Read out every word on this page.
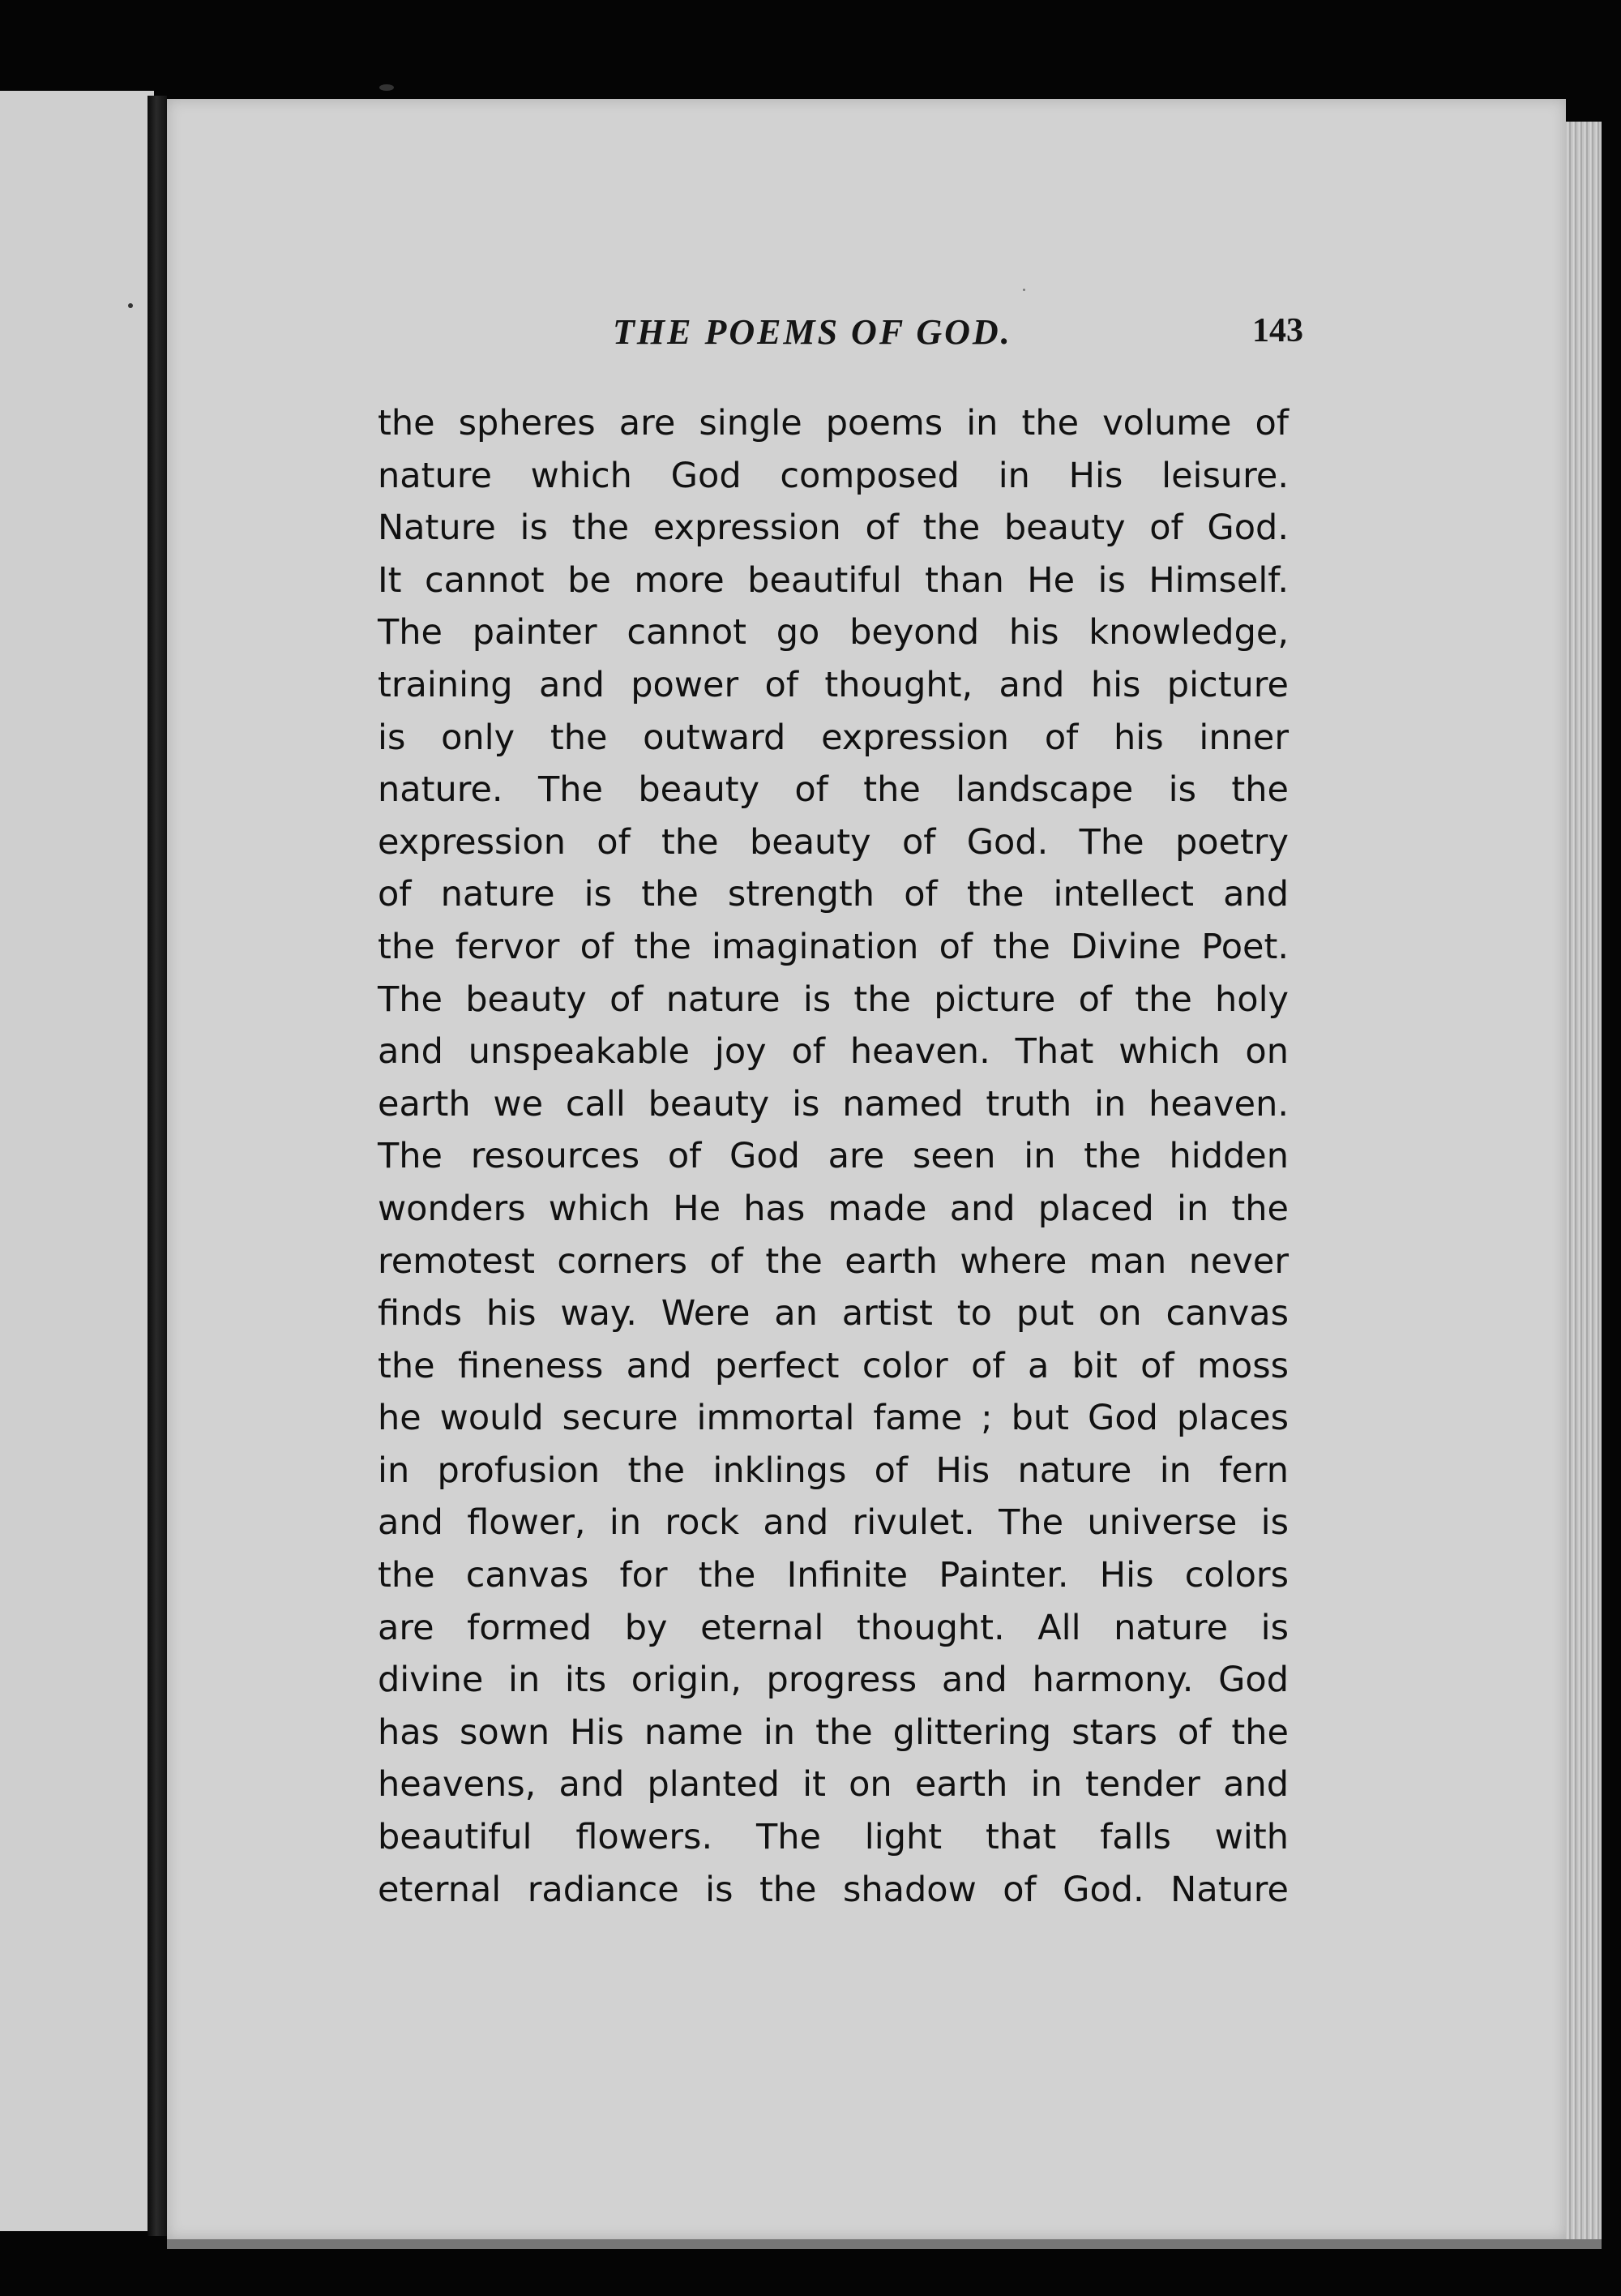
THE POEMS OF GOD.	143
the spheres are single poems in the volume of
nature which God composed in His leisure.
Nature is the expression of the beauty of God.
It cannot be more beautiful than He is Himself.
The painter cannot go beyond his knowledge,
training and power of thought, and his picture
is only the outward expression of his inner
nature. The beauty of the landscape is the
expression of the beauty of God. The poetry
of nature is the strength of the intellect and
the fervor of the imagination of the Divine Poet.
The beauty of nature is the picture of the holy
and unspeakable joy of heaven. That which on
earth we call beauty is named truth in heaven.
The resources of God are seen in the hidden
wonders which He has made and placed in the
remotest corners of the earth where man never
finds his way. Were an artist to put on canvas
the fineness and perfect color of a bit of moss
he would secure immortal fame ; but God places
in profusion the inklings of His nature in fern
and flower, in rock and rivulet. The universe is
the canvas for the Infinite Painter. His colors
are formed by eternal thought. All nature is
divine in its origin, progress and harmony. God
has sown His name in the glittering stars of the
heavens, and planted it on earth in tender and
beautiful flowers. The light that falls with
eternal radiance is the shadow of God. Nature
